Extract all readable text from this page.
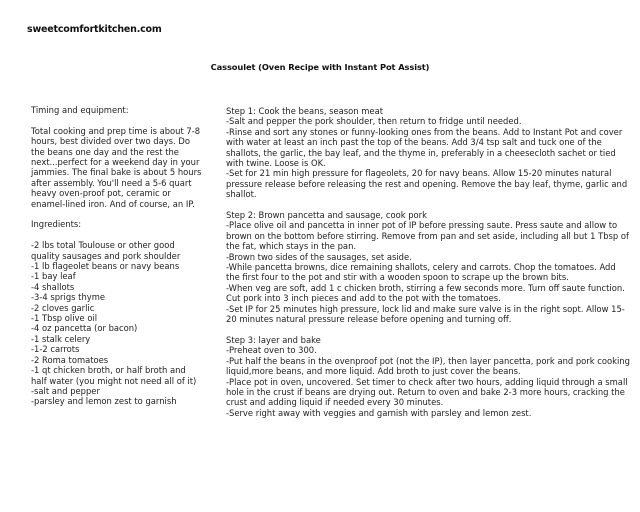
sweetcomfortkitchen.com
Cassoulet (Oven Recipe with Instant Pot Assist)

Timing and equipment:

Total cooking and prep time is about 7-8 hours, best divided over two days. Do the beans one day and the rest the next...perfect for a weekend day in your jammies. The final bake is about 5 hours after assembly. You'll need a 5-6 quart heavy oven-proof pot, ceramic or enamel-lined iron. And of course, an IP.

Ingredients:

-2 lbs total Toulouse or other good quality sausages and pork shoulder
-1 lb flageolet beans or navy beans
-1 bay leaf
-4 shallots
-3-4 sprigs thyme
-2 cloves garlic
-1 Tbsp olive oil
-4 oz pancetta (or bacon)
-1 stalk celery
-1-2 carrots
-2 Roma tomatoes
-1 qt chicken broth, or half broth and half water (you might not need all of it)
-salt and pepper
-parsley and lemon zest to garnish

Step 1: Cook the beans, season meat

-Salt and pepper the pork shoulder, then return to fridge until needed.
-Rinse and sort any stones or funny-looking ones from the beans. Add to Instant Pot and cover with water at least an inch past the top of the beans. Add 3/4 tsp salt and tuck one of the shallots, the garlic, the bay leaf, and the thyme in, preferably in a cheesecloth sachet or tied with twine. Loose is OK.
-Set for 21 min high pressure for flageolets, 20 for navy beans. Allow 15-20 minutes natural pressure release before releasing the rest and opening. Remove the bay leaf, thyme, garlic and shallot.

Step 2: Brown pancetta and sausage, cook pork

-Place olive oil and pancetta in inner pot of IP before pressing saute. Press saute and allow to brown on the bottom before stirring. Remove from pan and set aside, including all but 1 Tbsp of the fat, which stays in the pan.
-Brown two sides of the sausages, set aside.
-While pancetta browns, dice remaining shallots, celery and carrots. Chop the tomatoes. Add the first four to the pot and stir with a wooden spoon to scrape up the brown bits.
-When veg are soft, add 1 c chicken broth, stirring a few seconds more. Turn off saute function. Cut pork into 3 inch pieces and add to the pot with the tomatoes.
-Set IP for 25 minutes high pressure, lock lid and make sure valve is in the right sopt. Allow 15-20 minutes natural pressure release before opening and turning off.

Step 3: layer and bake

-Preheat oven to 300.
-Put half the beans in the ovenproof pot (not the IP), then layer pancetta, pork and pork cooking liquid,more beans, and more liquid. Add broth to just cover the beans.
-Place pot in oven, uncovered. Set timer to check after two hours, adding liquid through a small hole in the crust if beans are drying out. Return to oven and bake 2-3 more hours, cracking the crust and adding liquid if needed every 30 minutes.
-Serve right away with veggies and garnish with parsley and lemon zest.
